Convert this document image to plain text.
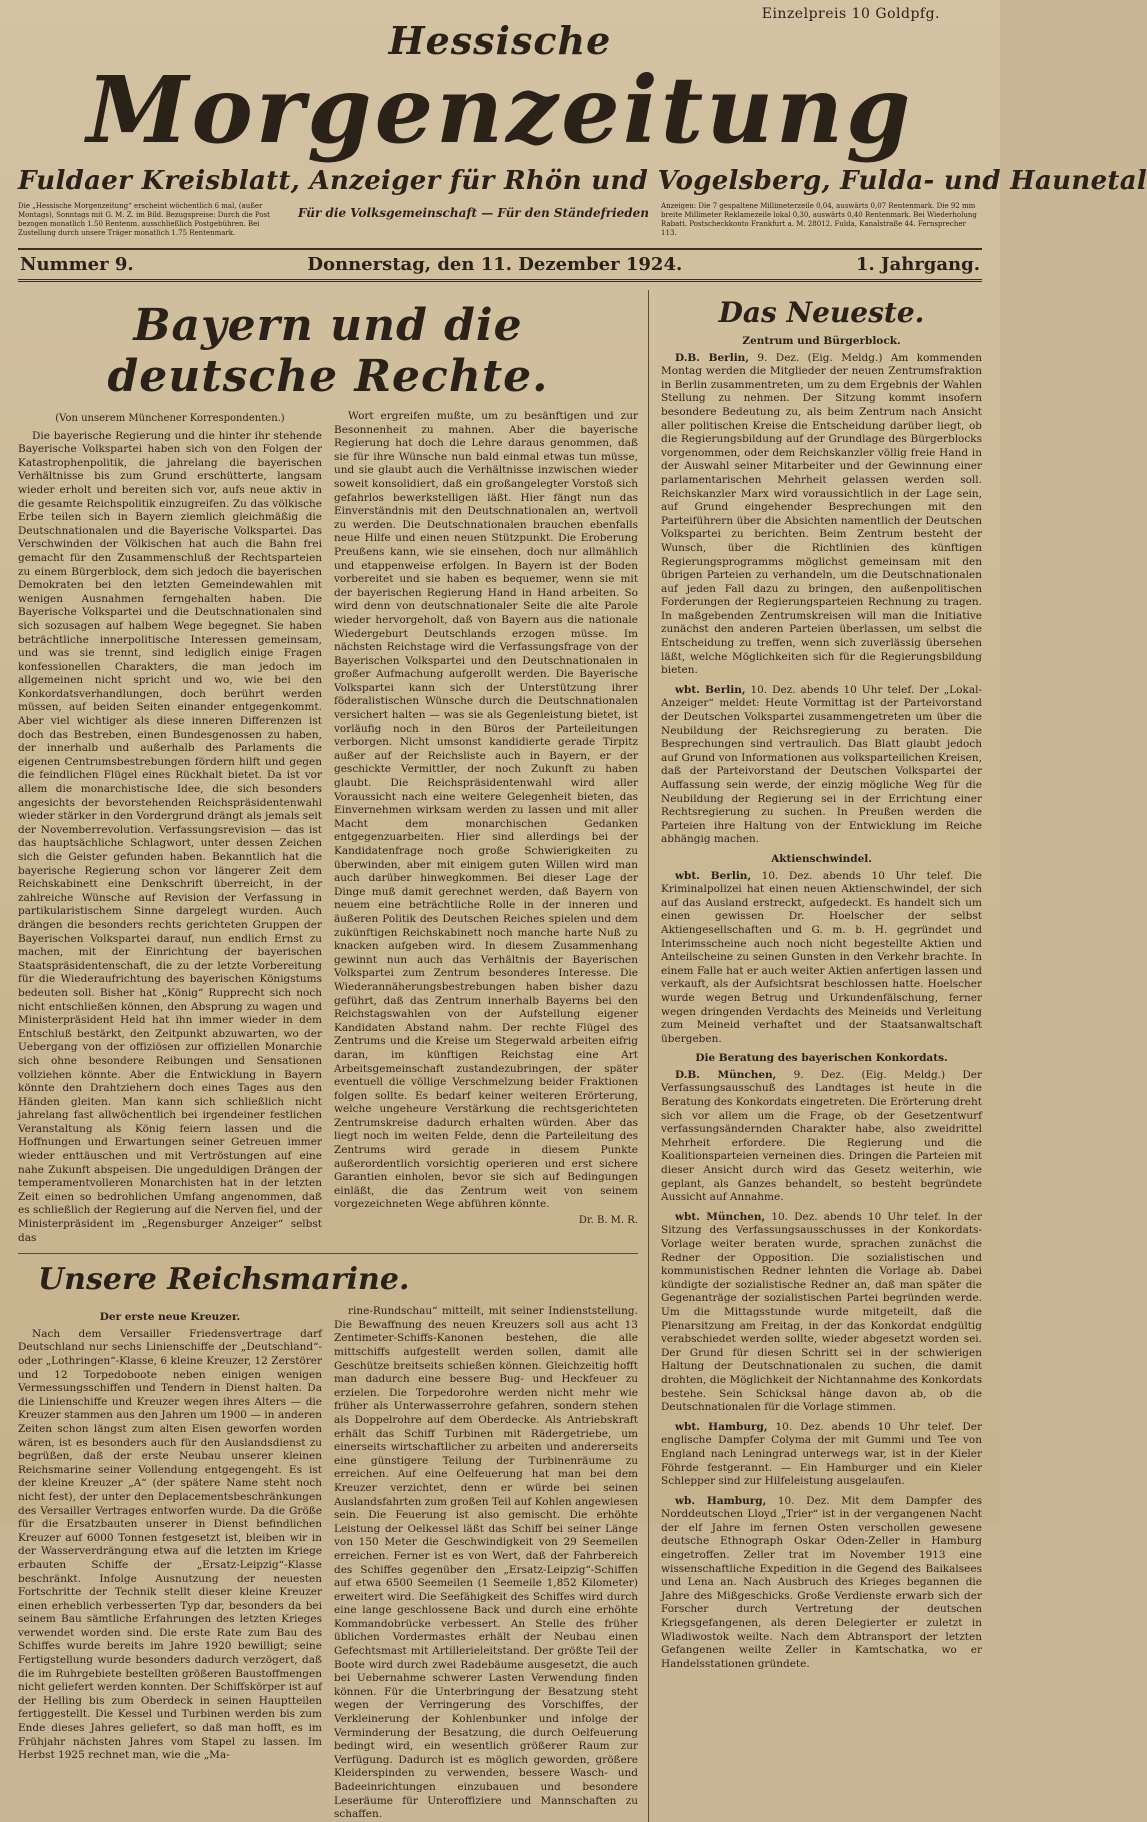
Einzelpreis 10 Goldpfg.
Hessische
Morgenzeitung
Fuldaer Kreisblatt, Anzeiger für Rhön und Vogelsberg, Fulda- und Haunetal
Die „Hessische Morgenzeitung“ erscheint wöchentlich 6 mal, (außer Montags), Sonntags mit G. M. Z. im Bild. Bezugspreise: Durch die Post bezogen monatlich 1.50 Rentenm. ausschließlich Postgebühren. Bei Zustellung durch unsere Träger monatlich 1.75 Rentenmark.
Für die Volksgemeinschaft — Für den Ständefrieden	Anzeigen: Die 7 gespaltene Millimeterzeile 0,04, auswärts 0,07 Rentenmark. Die 92 mm breite Millimeter Reklamezeile lokal 0,30, auswärts 0,40 Rentenmark. Bei Wiederholung Rabatt. Postscheckkonto Frankfurt a. M. 28012. Fulda, Kanalstraße 44. Fernsprecher 113.
Nummer 9.	Donnerstag, den 11. Dezember 1924.	1. Jahrgang.
Bayern und die deutsche Rechte.
(Von unserem Münchener Korrespondenten.)

Die bayerische Regierung und die hinter ihr stehende Bayerische Volkspartei haben sich von den Folgen der Katastrophenpolitik, die jahrelang die bayerischen Verhältnisse bis zum Grund erschütterte, langsam wieder erholt und bereiten sich vor, aufs neue aktiv in die gesamte Reichspolitik einzugreifen. Zu das völkische Erbe teilen sich in Bayern ziemlich gleichmäßig die Deutschnationalen und die Bayerische Volkspartei. Das Verschwinden der Völkischen hat auch die Bahn frei gemacht für den Zusammenschluß der Rechtsparteien zu einem Bürgerblock, dem sich jedoch die bayerischen Demokraten bei den letzten Gemeindewahlen mit wenigen Ausnahmen ferngehalten haben. Die Bayerische Volkspartei und die Deutschnationalen sind sich sozusagen auf halbem Wege begegnet. Sie haben beträchtliche innerpolitische Interessen gemeinsam, und was sie trennt, sind lediglich einige Fragen konfessionellen Charakters, die man jedoch im allgemeinen nicht spricht und wo, wie bei den Konkordatsverhandlungen, doch berührt werden müssen, auf beiden Seiten einander entgegenkommt. Aber viel wichtiger als diese inneren Differenzen ist doch das Bestreben, einen Bundesgenossen zu haben, der innerhalb und außerhalb des Parlaments die eigenen Centrumsbestrebungen fördern hilft und gegen die feindlichen Flügel eines Rückhalt bietet. Da ist vor allem die monarchistische Idee, die sich besonders angesichts der bevorstehenden Reichspräsidentenwahl wieder stärker in den Vordergrund drängt als jemals seit der Novemberrevolution. Verfassungsrevision — das ist das hauptsächliche Schlagwort, unter dessen Zeichen sich die Geister gefunden haben. Bekanntlich hat die bayerische Regierung schon vor längerer Zeit dem Reichskabinett eine Denkschrift überreicht, in der zahlreiche Wünsche auf Revision der Verfassung in partikularistischem Sinne dargelegt wurden. Auch drängen die besonders rechts gerichteten Gruppen der Bayerischen Volkspartei darauf, nun endlich Ernst zu machen, mit der Einrichtung der bayerischen Staatspräsidentenschaft, die zu der letzte Vorbereitung für die Wiederaufrichtung des bayerischen Königstums bedeuten soll. Bisher hat „König“ Rupprecht sich noch nicht entschließen können, den Absprung zu wagen und Ministerpräsident Held hat ihn immer wieder in dem Entschluß bestärkt, den Zeitpunkt abzuwarten, wo der Uebergang von der offiziösen zur offiziellen Monarchie sich ohne besondere Reibungen und Sensationen vollziehen könnte. Aber die Entwicklung in Bayern könnte den Drahtziehern doch eines Tages aus den Händen gleiten. Man kann sich schließlich nicht jahrelang fast allwöchentlich bei irgendeiner festlichen Veranstaltung als König feiern lassen und die Hoffnungen und Erwartungen seiner Getreuen immer wieder enttäuschen und mit Vertröstungen auf eine nahe Zukunft abspeisen. Die ungeduldigen Drängen der temperamentvolleren Monarchisten hat in der letzten Zeit einen so bedrohlichen Umfang angenommen, daß es schließlich der Regierung auf die Nerven fiel, und der Ministerpräsident im „Regensburger Anzeiger“ selbst das

Wort ergreifen mußte, um zu besänftigen und zur Besonnenheit zu mahnen. Aber die bayerische Regierung hat doch die Lehre daraus genommen, daß sie für ihre Wünsche nun bald einmal etwas tun müsse, und sie glaubt auch die Verhältnisse inzwischen wieder soweit konsolidiert, daß ein großangelegter Vorstoß sich gefahrlos bewerkstelligen läßt. Hier fängt nun das Einverständnis mit den Deutschnationalen an, wertvoll zu werden. Die Deutschnationalen brauchen ebenfalls neue Hilfe und einen neuen Stützpunkt. Die Eroberung Preußens kann, wie sie einsehen, doch nur allmählich und etappenweise erfolgen. In Bayern ist der Boden vorbereitet und sie haben es bequemer, wenn sie mit der bayerischen Regierung Hand in Hand arbeiten. So wird denn von deutschnationaler Seite die alte Parole wieder hervorgeholt, daß von Bayern aus die nationale Wiedergeburt Deutschlands erzogen müsse. Im nächsten Reichstage wird die Verfassungsfrage von der Bayerischen Volkspartei und den Deutschnationalen in großer Aufmachung aufgerollt werden. Die Bayerische Volkspartei kann sich der Unterstützung ihrer föderalistischen Wünsche durch die Deutschnationalen versichert halten — was sie als Gegenleistung bietet, ist vorläufig noch in den Büros der Parteileitungen verborgen. Nicht umsonst kandidierte gerade Tirpitz außer auf der Reichsliste auch in Bayern, er der geschickte Vermittler, der noch Zukunft zu haben glaubt. Die Reichspräsidentenwahl wird aller Voraussicht nach eine weitere Gelegenheit bieten, das Einvernehmen wirksam werden zu lassen und mit aller Macht dem monarchischen Gedanken entgegenzuarbeiten. Hier sind allerdings bei der Kandidatenfrage noch große Schwierigkeiten zu überwinden, aber mit einigem guten Willen wird man auch darüber hinwegkommen. Bei dieser Lage der Dinge muß damit gerechnet werden, daß Bayern von neuem eine beträchtliche Rolle in der inneren und äußeren Politik des Deutschen Reiches spielen und dem zukünftigen Reichskabinett noch manche harte Nuß zu knacken aufgeben wird. In diesem Zusammenhang gewinnt nun auch das Verhältnis der Bayerischen Volkspartei zum Zentrum besonderes Interesse. Die Wiederannäherungsbestrebungen haben bisher dazu geführt, daß das Zentrum innerhalb Bayerns bei den Reichstagswahlen von der Aufstellung eigener Kandidaten Abstand nahm. Der rechte Flügel des Zentrums und die Kreise um Stegerwald arbeiten eifrig daran, im künftigen Reichstag eine Art Arbeitsgemeinschaft zustandezubringen, der später eventuell die völlige Verschmelzung beider Fraktionen folgen sollte. Es bedarf keiner weiteren Erörterung, welche ungeheure Verstärkung die rechtsgerichteten Zentrumskreise dadurch erhalten würden. Aber das liegt noch im weiten Felde, denn die Parteileitung des Zentrums wird gerade in diesem Punkte außerordentlich vorsichtig operieren und erst sichere Garantien einholen, bevor sie sich auf Bedingungen einläßt, die das Zentrum weit von seinem vorgezeichneten Wege abführen könnte.

Dr. B. M. R.
Unsere Reichsmarine.
Der erste neue Kreuzer.

Nach dem Versailler Friedensvertrage darf Deutschland nur sechs Linienschiffe der „Deutschland“- oder „Lothringen“-Klasse, 6 kleine Kreuzer, 12 Zerstörer und 12 Torpedoboote neben einigen wenigen Vermessungsschiffen und Tendern in Dienst halten. Da die Linienschiffe und Kreuzer wegen ihres Alters — die Kreuzer stammen aus den Jahren um 1900 — in anderen Zeiten schon längst zum alten Eisen geworfen worden wären, ist es besonders auch für den Auslandsdienst zu begrüßen, daß der erste Neubau unserer kleinen Reichsmarine seiner Vollendung entgegengeht. Es ist der kleine Kreuzer „A“ (der spätere Name steht noch nicht fest), der unter den Deplacementsbeschränkungen des Versailler Vertrages entworfen wurde. Da die Größe für die Ersatzbauten unserer in Dienst befindlichen Kreuzer auf 6000 Tonnen festgesetzt ist, bleiben wir in der Wasserverdrängung etwa auf die letzten im Kriege erbauten Schiffe der „Ersatz-Leipzig“-Klasse beschränkt. Infolge Ausnutzung der neuesten Fortschritte der Technik stellt dieser kleine Kreuzer einen erheblich verbesserten Typ dar, besonders da bei seinem Bau sämtliche Erfahrungen des letzten Krieges verwendet worden sind. Die erste Rate zum Bau des Schiffes wurde bereits im Jahre 1920 bewilligt; seine Fertigstellung wurde besonders dadurch verzögert, daß die im Ruhrgebiete bestellten größeren Baustoffmengen nicht geliefert werden konnten. Der Schiffskörper ist auf der Helling bis zum Oberdeck in seinen Hauptteilen fertiggestellt. Die Kessel und Turbinen werden bis zum Ende dieses Jahres geliefert, so daß man hofft, es im Frühjahr nächsten Jahres vom Stapel zu lassen. Im Herbst 1925 rechnet man, wie die „Ma-

rine-Rundschau“ mitteilt, mit seiner Indienststellung. Die Bewaffnung des neuen Kreuzers soll aus acht 13 Zentimeter-Schiffs-Kanonen bestehen, die alle mittschiffs aufgestellt werden sollen, damit alle Geschütze breitseits schießen können. Gleichzeitig hofft man dadurch eine bessere Bug- und Heckfeuer zu erzielen. Die Torpedorohre werden nicht mehr wie früher als Unterwasserrohre gefahren, sondern stehen als Doppelrohre auf dem Oberdecke. Als Antriebskraft erhält das Schiff Turbinen mit Rädergetriebe, um einerseits wirtschaftlicher zu arbeiten und andererseits eine günstigere Teilung der Turbinenräume zu erreichen. Auf eine Oelfeuerung hat man bei dem Kreuzer verzichtet, denn er würde bei seinen Auslandsfahrten zum großen Teil auf Kohlen angewiesen sein. Die Feuerung ist also gemischt. Die erhöhte Leistung der Oelkessel läßt das Schiff bei seiner Länge von 150 Meter die Geschwindigkeit von 29 Seemeilen erreichen. Ferner ist es von Wert, daß der Fahrbereich des Schiffes gegenüber den „Ersatz-Leipzig“-Schiffen auf etwa 6500 Seemeilen (1 Seemeile 1,852 Kilometer) erweitert wird. Die Seefähigkeit des Schiffes wird durch eine lange geschlossene Back und durch eine erhöhte Kommandobrücke verbessert. An Stelle des früher üblichen Vordermastes erhält der Neubau einen Gefechtsmast mit Artillerieleitstand. Der größte Teil der Boote wird durch zwei Radebäume ausgesetzt, die auch bei Uebernahme schwerer Lasten Verwendung finden können. Für die Unterbringung der Besatzung steht wegen der Verringerung des Vorschiffes, der Verkleinerung der Kohlenbunker und infolge der Verminderung der Besatzung, die durch Oelfeuerung bedingt wird, ein wesentlich größerer Raum zur Verfügung. Dadurch ist es möglich geworden, größere Kleiderspinden zu verwenden, bessere Wasch- und Badeeinrichtungen einzubauen und besondere Leseräume für Unteroffiziere und Mannschaften zu schaffen.

Das Neueste.
Zentrum und Bürgerblock.

D.B. Berlin, 9. Dez. (Eig. Meldg.) Am kommenden Montag werden die Mitglieder der neuen Zentrumsfraktion in Berlin zusammentreten, um zu dem Ergebnis der Wahlen Stellung zu nehmen. Der Sitzung kommt insofern besondere Bedeutung zu, als beim Zentrum nach Ansicht aller politischen Kreise die Entscheidung darüber liegt, ob die Regierungsbildung auf der Grundlage des Bürgerblocks vorgenommen, oder dem Reichskanzler völlig freie Hand in der Auswahl seiner Mitarbeiter und der Gewinnung einer parlamentarischen Mehrheit gelassen werden soll. Reichskanzler Marx wird voraussichtlich in der Lage sein, auf Grund eingehender Besprechungen mit den Parteiführern über die Absichten namentlich der Deutschen Volkspartei zu berichten. Beim Zentrum besteht der Wunsch, über die Richtlinien des künftigen Regierungsprogramms möglichst gemeinsam mit den übrigen Parteien zu verhandeln, um die Deutschnationalen auf jeden Fall dazu zu bringen, den außenpolitischen Forderungen der Regierungsparteien Rechnung zu tragen. In maßgebenden Zentrumskreisen will man die Initiative zunächst den anderen Parteien überlassen, um selbst die Entscheidung zu treffen, wenn sich zuverlässig übersehen läßt, welche Möglichkeiten sich für die Regierungsbildung bieten.

wbt. Berlin, 10. Dez. abends 10 Uhr telef. Der „Lokal-Anzeiger“ meldet: Heute Vormittag ist der Parteivorstand der Deutschen Volkspartei zusammengetreten um über die Neubildung der Reichsregierung zu beraten. Die Besprechungen sind vertraulich. Das Blatt glaubt jedoch auf Grund von Informationen aus volksparteilichen Kreisen, daß der Parteivorstand der Deutschen Volkspartei der Auffassung sein werde, der einzig mögliche Weg für die Neubildung der Regierung sei in der Errichtung einer Rechtsregierung zu suchen. In Preußen werden die Parteien ihre Haltung von der Entwicklung im Reiche abhängig machen.

Aktienschwindel.

wbt. Berlin, 10. Dez. abends 10 Uhr telef. Die Kriminalpolizei hat einen neuen Aktienschwindel, der sich auf das Ausland erstreckt, aufgedeckt. Es handelt sich um einen gewissen Dr. Hoelscher der selbst Aktiengesellschaften und G. m. b. H. gegründet und Interimsscheine auch noch nicht begestellte Aktien und Anteilscheine zu seinen Gunsten in den Verkehr brachte. In einem Falle hat er auch weiter Aktien anfertigen lassen und verkauft, als der Aufsichtsrat beschlossen hatte. Hoelscher wurde wegen Betrug und Urkundenfälschung, ferner wegen dringenden Verdachts des Meineids und Verleitung zum Meineid verhaftet und der Staatsanwaltschaft übergeben.

Die Beratung des bayerischen Konkordats.

D.B. München, 9. Dez. (Eig. Meldg.) Der Verfassungsausschuß des Landtages ist heute in die Beratung des Konkordats eingetreten. Die Erörterung dreht sich vor allem um die Frage, ob der Gesetzentwurf verfassungsändernden Charakter habe, also zweidrittel Mehrheit erfordere. Die Regierung und die Koalitionsparteien verneinen dies. Dringen die Parteien mit dieser Ansicht durch wird das Gesetz weiterhin, wie geplant, als Ganzes behandelt, so besteht begründete Aussicht auf Annahme.

wbt. München, 10. Dez. abends 10 Uhr telef. In der Sitzung des Verfassungsausschusses in der Konkordats-Vorlage weiter beraten wurde, sprachen zunächst die Redner der Opposition. Die sozialistischen und kommunistischen Redner lehnten die Vorlage ab. Dabei kündigte der sozialistische Redner an, daß man später die Gegenanträge der sozialistischen Partei begründen werde. Um die Mittagsstunde wurde mitgeteilt, daß die Plenarsitzung am Freitag, in der das Konkordat endgültig verabschiedet werden sollte, wieder abgesetzt worden sei. Der Grund für diesen Schritt sei in der schwierigen Haltung der Deutschnationalen zu suchen, die damit drohten, die Möglichkeit der Nichtannahme des Konkordats bestehe. Sein Schicksal hänge davon ab, ob die Deutschnationalen für die Vorlage stimmen.

wbt. Hamburg, 10. Dez. abends 10 Uhr telef. Der englische Dampfer Colyma der mit Gummi und Tee von England nach Leningrad unterwegs war, ist in der Kieler Föhrde festgerannt. — Ein Hamburger und ein Kieler Schlepper sind zur Hilfeleistung ausgelaufen.

wb. Hamburg, 10. Dez. Mit dem Dampfer des Norddeutschen Lloyd „Trier“ ist in der vergangenen Nacht der elf Jahre im fernen Osten verschollen gewesene deutsche Ethnograph Oskar Oden-Zeller in Hamburg eingetroffen. Zeller trat im November 1913 eine wissenschaftliche Expedition in die Gegend des Baikalsees und Lena an. Nach Ausbruch des Krieges begannen die Jahre des Mißgeschicks. Große Verdienste erwarb sich der Forscher durch Vertretung der deutschen Kriegsgefangenen, als deren Delegierter er zuletzt in Wladiwostok weilte. Nach dem Abtransport der letzten Gefangenen weilte Zeller in Kamtschatka, wo er Handelsstationen gründete.
